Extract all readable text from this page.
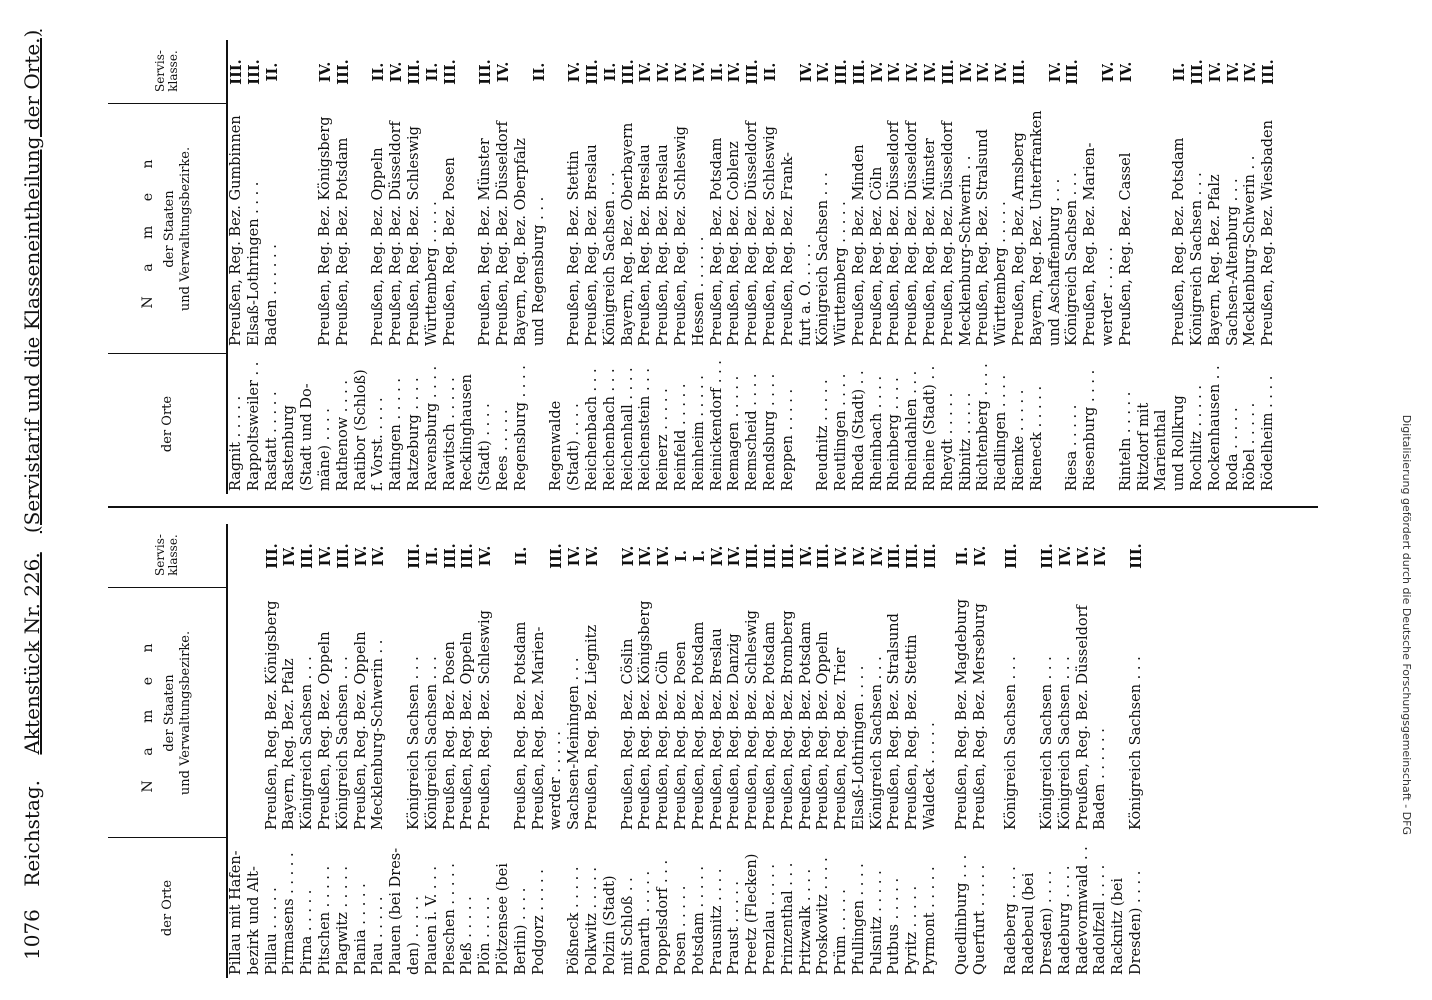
1076 Reichstag.    Aktenstück Nr. 226.   (Servistarif und die Klasseneintheilung der Orte.)
der Orte
N a m e n der Staaten und Verwaltungsbezirke.
Servis-klasse.
Pillau mit Hafen- bezirk und Alt- Pillau . . . . .
Preußen, Reg. Bez. Königsberg
III.
Pirmasens . . . . .
Bayern, Reg. Bez. Pfalz
IV.
Pirna . . . . .
Königreich Sachsen . . .
III.
Pitschen . . . . .
Preußen, Reg. Bez. Oppeln
IV.
Plagwitz . . . . .
Königreich Sachsen . . .
III.
Plania . . . . .
Preußen, Reg. Bez. Oppeln
IV.
Plau . . . . .
Mecklenburg-Schwerin . .
IV.
Plauen (bei Dres- den) . . . . .
Königreich Sachsen . . .
III.
Plauen i. V. . . .
Königreich Sachsen . . .
II.
Pleschen . . . . .
Preußen, Reg. Bez. Posen
III.
Pleß . . . . .
Preußen, Reg. Bez. Oppeln
III.
Plön . . . . .
Preußen, Reg. Bez. Schleswig
IV.
Plötzensee (bei Berlin) . . . .
Preußen, Reg. Bez. Potsdam
II.
Podgorz . . . . .
Preußen, Reg. Bez. Marien- werder . . . . .
III.
Pößneck . . . . .
Sachsen-Meiningen . . .
IV.
Polkwitz . . . . .
Preußen, Reg. Bez. Liegnitz
IV.
Polzin (Stadt) mit Schloß . .
Preußen, Reg. Bez. Cöslin
IV.
Ponarth . . . . .
Preußen, Reg. Bez. Königsberg
IV.
Poppelsdorf . . .
Preußen, Reg. Bez. Cöln
IV.
Posen . . . . .
Preußen, Reg. Bez. Posen
I.
Potsdam . . . . .
Preußen, Reg. Bez. Potsdam
I.
Prausnitz . . . .
Preußen, Reg. Bez. Breslau
IV.
Praust . . . . .
Preußen, Reg. Bez. Danzig
IV.
Preetz (Flecken)
Preußen, Reg. Bez. Schleswig
III.
Prenzlau . . . . .
Preußen, Reg. Bez. Potsdam
III.
Prinzenthal . . .
Preußen, Reg. Bez. Bromberg
III.
Pritzwalk . . . .
Preußen, Reg. Bez. Potsdam
IV.
Proskowitz . . . .
Preußen, Reg. Bez. Oppeln
III.
Prüm . . . . .
Preußen, Reg. Bez. Trier
IV.
Pfullingen . . . .
Elsaß-Lothringen . . . .
IV.
Pulsnitz . . . . .
Königreich Sachsen . . .
IV.
Putbus . . . . .
Preußen, Reg. Bez. Stralsund
III.
Pyritz . . . . .
Preußen, Reg. Bez. Stettin
III.
Pyrmont . . . . .
Waldeck . . . . .
III.
Quedlinburg . . .
Preußen, Reg. Bez. Magdeburg
II.
Querfurt . . . . .
Preußen, Reg. Bez. Merseburg
IV.
Radeberg . . . .
Königreich Sachsen . . .
III.
Radebeul (bei Dresden) . . . .
Königreich Sachsen . . .
III.
Radeburg . . . .
Königreich Sachsen . . .
IV.
Radevormwald . .
Preußen, Reg. Bez. Düsseldorf
IV.
Radolfzell . . . .
Baden . . . . . .
IV.
Racknitz (bei Dresden) . . . .
Königreich Sachsen . . .
III.
der Orte
N a m e n der Staaten und Verwaltungsbezirke.
Servis-klasse.
Ragnit . . . . .
Preußen, Reg. Bez. Gumbinnen
III.
Rappoltsweiler . .
Elsaß-Lothringen . . . .
III.
Rastatt . . . . .
Baden . . . . . .
II.
Rastenburg (Stadt und Do- mäne) . . . .
Preußen, Reg. Bez. Königsberg
IV.
Rathenow . . . .
Preußen, Reg. Bez. Potsdam
III.
Ratibor (Schloß) f. Vorst. . . . .
Preußen, Reg. Bez. Oppeln
II.
Ratingen . . . . .
Preußen, Reg. Bez. Düsseldorf
IV.
Ratzeburg . . . .
Preußen, Reg. Bez. Schleswig
III.
Ravensburg . . . .
Württemberg . . . . .
II.
Rawitsch . . . . .
Preußen, Reg. Bez. Posen
III.
Recklinghausen (Stadt) . . . .
Preußen, Reg. Bez. Münster
III.
Rees . . . . .
Preußen, Reg. Bez. Düsseldorf
IV.
Regensburg . . . .
Bayern, Reg. Bez. Oberpfalz und Regensburg . . .
II.
Regenwalde (Stadt) . . . .
Preußen, Reg. Bez. Stettin
IV.
Reichenbach . . .
Preußen, Reg. Bez. Breslau
III.
Reichenbach . . .
Königreich Sachsen . . .
II.
Reichenhall . . . .
Bayern, Reg. Bez. Oberbayern
III.
Reichenstein . . .
Preußen, Reg. Bez. Breslau
IV.
Reinerz . . . . .
Preußen, Reg. Bez. Breslau
IV.
Reinfeld . . . . .
Preußen, Reg. Bez. Schleswig
IV.
Reinheim . . . . .
Hessen . . . . . .
IV.
Reinickendorf . . .
Preußen, Reg. Bez. Potsdam
II.
Remagen . . . . .
Preußen, Reg. Bez. Coblenz
IV.
Remscheid . . . .
Preußen, Reg. Bez. Düsseldorf
III.
Rendsburg . . . .
Preußen, Reg. Bez. Schleswig
II.
Reppen . . . . .
Preußen, Reg. Bez. Frank- furt a. O. . . . .
IV.
Reudnitz . . . . .
Königreich Sachsen . . .
IV.
Reutlingen . . . .
Württemberg . . . . .
III.
Rheda (Stadt) . .
Preußen, Reg. Bez. Minden
III.
Rheinbach . . . .
Preußen, Reg. Bez. Cöln
IV.
Rheinberg . . . .
Preußen, Reg. Bez. Düsseldorf
IV.
Rheindahlen . . .
Preußen, Reg. Bez. Düsseldorf
IV.
Rheine (Stadt) . .
Preußen, Reg. Bez. Münster
IV.
Rheydt . . . . .
Preußen, Reg. Bez. Düsseldorf
III.
Ribnitz . . . . .
Mecklenburg-Schwerin . .
IV.
Richtenberg . . . .
Preußen, Reg. Bez. Stralsund
IV.
Riedlingen . . . .
Württemberg . . . . .
IV.
Riemke . . . . .
Preußen, Reg. Bez. Arnsberg
III.
Rieneck . . . . .
Bayern, Reg. Bez. Unterfranken und Aschaffenburg . . .
IV.
Riesa . . . . .
Königreich Sachsen . . .
III.
Riesenburg . . . .
Preußen, Reg. Bez. Marien- werder . . . . .
IV.
Rinteln . . . . .
Preußen, Reg. Bez. Cassel
IV.
Ritzdorf mit Marienthal und Rollkrug
Preußen, Reg. Bez. Potsdam
II.
Rochlitz . . . . .
Königreich Sachsen . . .
III.
Rockenhausen . .
Bayern, Reg. Bez. Pfalz
IV.
Roda . . . . .
Sachsen-Altenburg . . .
IV.
Röbel . . . . .
Mecklenburg-Schwerin . .
IV.
Rödelheim . . . .
Preußen, Reg. Bez. Wiesbaden
III.
Digitalisierung gefördert durch die Deutsche Forschungsgemeinschaft - DFG
